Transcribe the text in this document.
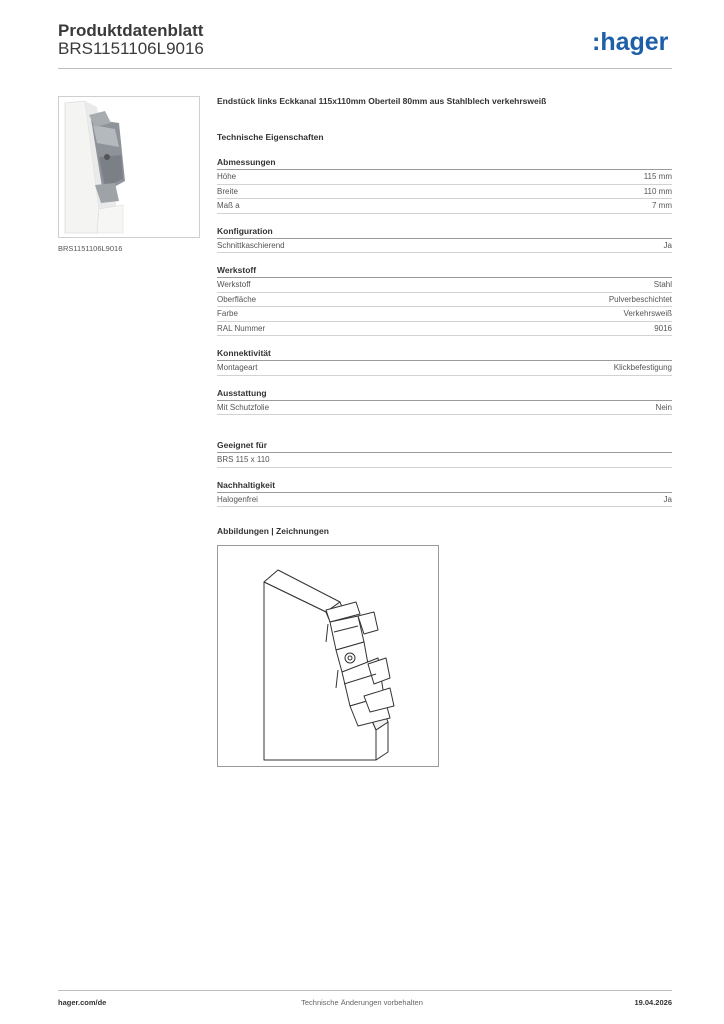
Produktdatenblatt
BRS1151106L9016	:hager
BRS1151106L9016
Endstück links Eckkanal 115x110mm Oberteil 80mm aus Stahlblech verkehrsweiß
Technische Eigenschaften
Abmessungen
Höhe	115 mm
Breite	110 mm
Maß a	7 mm
Konfiguration
Schnittkaschierend	Ja
Werkstoff
Werkstoff	Stahl
Oberfläche	Pulverbeschichtet
Farbe	Verkehrsweiß
RAL Nummer	9016
Konnektivität
Montageart	Klickbefestigung
Ausstattung
Mit Schutzfolie	Nein
Geeignet für
BRS 115 x 110
Nachhaltigkeit
Halogenfrei	Ja
Abbildungen | Zeichnungen
hager.com/de	Technische Änderungen vorbehalten	19.04.2026
